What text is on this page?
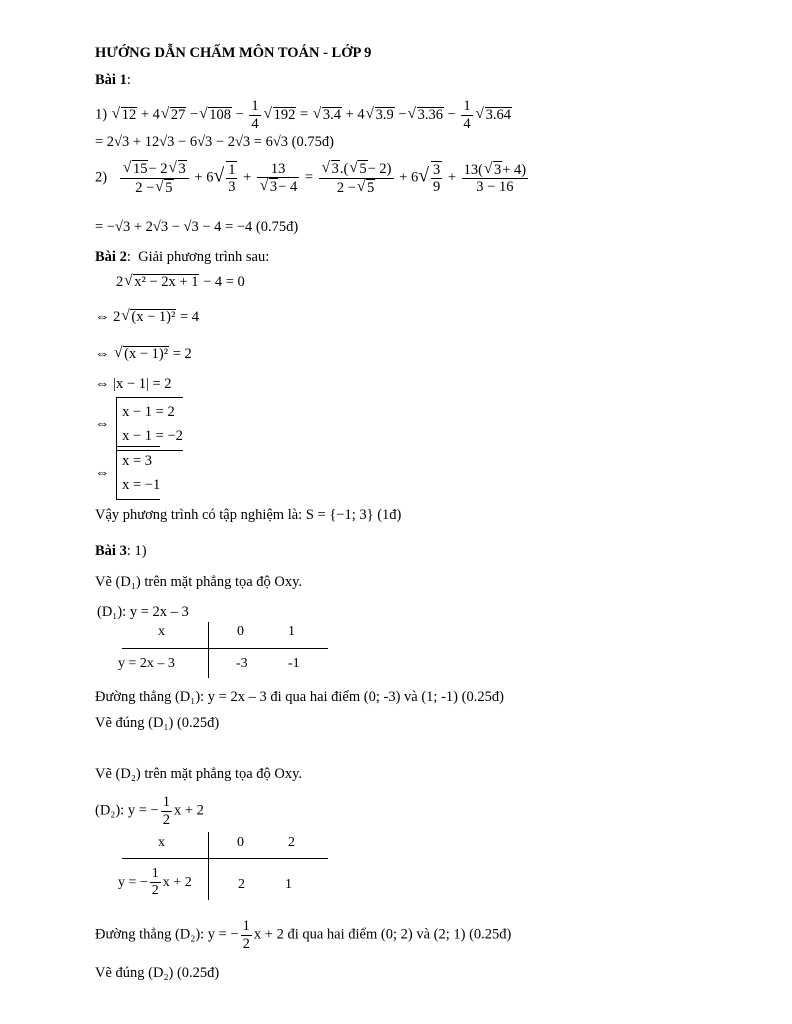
HƯỚNG DẪN CHẤM MÔN TOÁN - LỚP 9
Bài 1:
1) √ 12 + 4 √ 27 − √ $108 - \frac{1}{4}$ √ 192 = √ 3.4 + 4 √ 3.9 − √ $3.36 - \frac{1}{4}$ √ 3.64
= 2√3 + 12√3 − 6√3 − 2√3 = 6√3 (0.75đ)
2) √ $\frac{15- 2 √ 3}{2 - √ 5} + 6√ \frac{1}{3} + 13$
√ 3− 4 = √ $\frac{3.( √ 5- 2)}{2 - √ 5} + 6√ \frac{3}{9} + \frac{13( √ 3+ 4)}{3 - 16}$
= −√3 + 2√3 − √3 − 4 = −4 (0.75đ)
Bài 2:  Giải phương trình sau:
2 √ x² − 2x + 1 − 4 = 0
⇔ 2 √ (x − 1)² = 4
⇔ √ (x − 1)² = 2
⇔ |x − 1| = 2
⇔
x − 1 = 2
x − 1 = −2
⇔
x = 3
x = −1
Vậy phương trình có tập nghiệm là: S = {−1; 3} (1đ)
Bài 3: 1)
Vẽ (D₁) trên mặt phẳng tọa độ Oxy.
(D₁): y = 2x – 3
x	0	1
y = 2x – 3	-3	-1
Đường thẳng (D₁): y = 2x – 3 đi qua hai điểm (0; -3) và (1; -1) (0.25đ)
Vẽ đúng (D₁) (0.25đ)
Vẽ (D₂) trên mặt phẳng tọa độ Oxy.
(D₂): y = − $\frac{1}{2}$ x + 2
x	0	2
y = − $\frac{1}{2}$ x + 2	2	1
Đường thẳng (D₂): y = − $\frac{1}{2}$ x + 2 đi qua hai điểm (0; 2) và (2; 1) (0.25đ)
Vẽ đúng (D₂) (0.25đ)
